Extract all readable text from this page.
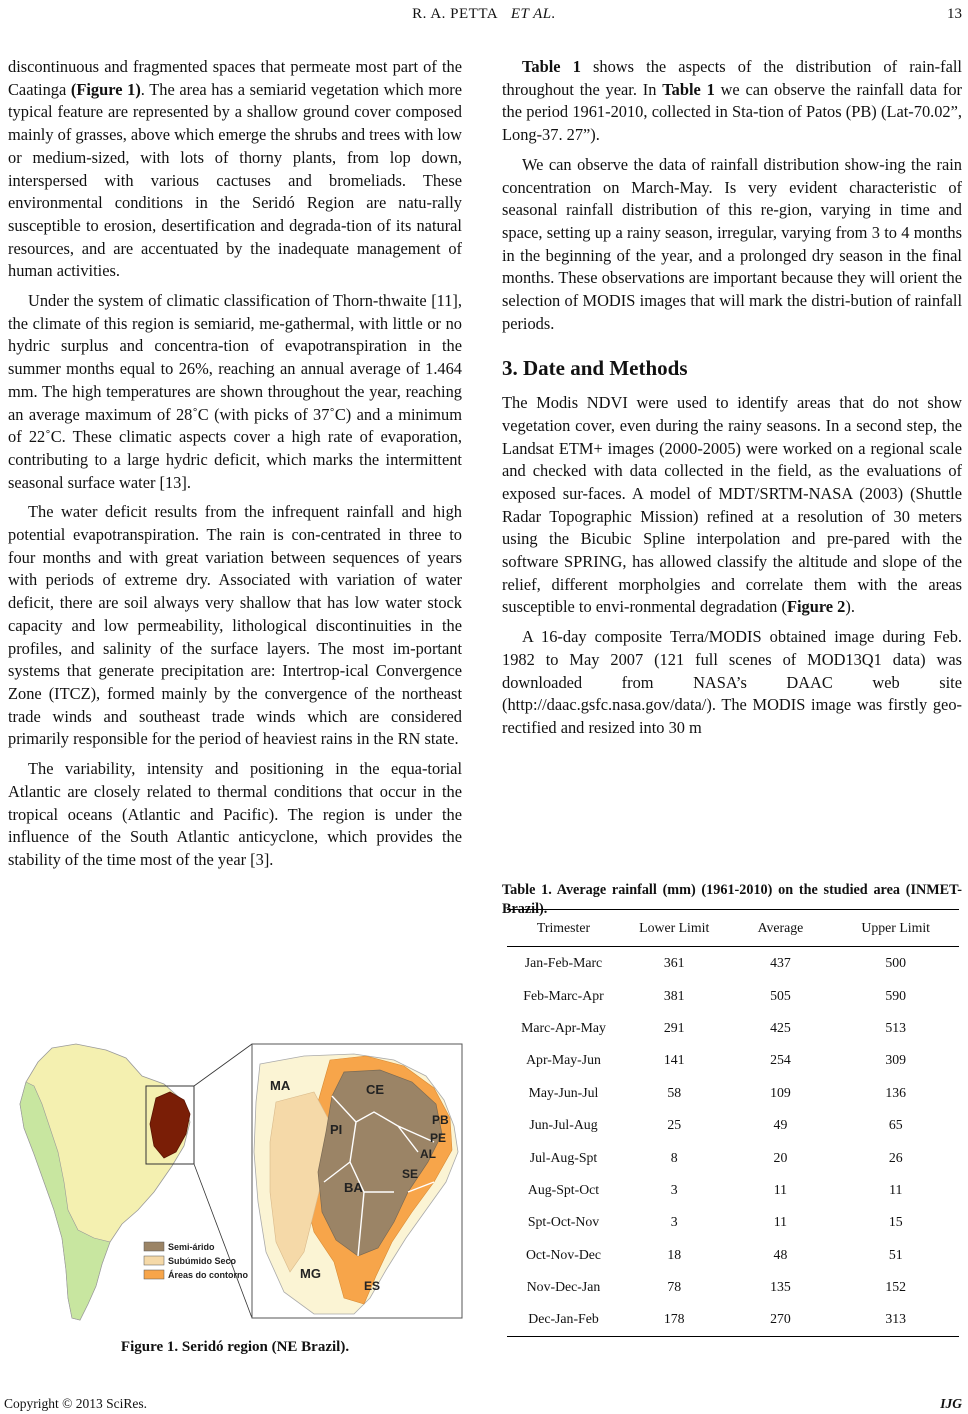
R. A. PETTA ET AL.	13

discontinuous and fragmented spaces that permeate most part of the Caatinga (Figure 1). The area has a semiarid vegetation which more typical feature are represented by a shallow ground cover composed mainly of grasses, above which emerge the shrubs and trees with low or medium-sized, with lots of thorny plants, from lop down, interspersed with various cactuses and bromeliads. These environmental conditions in the Seridó Region are natu-rally susceptible to erosion, desertification and degrada-tion of its natural resources, and are accentuated by the inadequate management of human activities.

Under the system of climatic classification of Thorn-thwaite [11], the climate of this region is semiarid, me-gathermal, with little or no hydric surplus and concentra-tion of evapotranspiration in the summer months equal to 26%, reaching an annual average of 1.464 mm. The high temperatures are shown throughout the year, reaching an average maximum of 28˚C (with picks of 37˚C) and a minimum of 22˚C. These climatic aspects cover a high rate of evaporation, contributing to a large hydric deficit, which marks the intermittent seasonal surface water [13].

The water deficit results from the infrequent rainfall and high potential evapotranspiration. The rain is con-centrated in three to four months and with great variation between sequences of years with periods of extreme dry. Associated with variation of water deficit, there are soil always very shallow that has low water stock capacity and low permeability, lithological discontinuities in the profiles, and salinity of the surface layers. The most im-portant systems that generate precipitation are: Intertrop-ical Convergence Zone (ITCZ), formed mainly by the convergence of the northeast trade winds and southeast trade winds which are considered primarily responsible for the period of heaviest rains in the RN state.

The variability, intensity and positioning in the equa-torial Atlantic are closely related to thermal conditions that occur in the tropical oceans (Atlantic and Pacific). The region is under the influence of the South Atlantic anticyclone, which provides the stability of the time most of the year [3].

Table 1 shows the aspects of the distribution of rain-fall throughout the year. In Table 1 we can observe the rainfall data for the period 1961-2010, collected in Sta-tion of Patos (PB) (Lat-70.02”, Long-37. 27”).

We can observe the data of rainfall distribution show-ing the rain concentration on March-May. Is very evident characteristic of seasonal rainfall distribution of this re-gion, varying in time and space, setting up a rainy season, irregular, varying from 3 to 4 months in the beginning of the year, and a prolonged dry season in the final months. These observations are important because they will orient the selection of MODIS images that will mark the distri-bution of rainfall periods.

3. Date and Methods

The Modis NDVI were used to identify areas that do not show vegetation cover, even during the rainy seasons. In a second step, the Landsat ETM+ images (2000-2005) were worked on a regional scale and checked with data collected in the field, as the evaluations of exposed sur-faces. A model of MDT/SRTM-NASA (2003) (Shuttle Radar Topographic Mission) refined at a resolution of 30 meters using the Bicubic Spline interpolation and pre-pared with the software SPRING, has allowed classify the altitude and slope of the relief, different morpholgies and correlate them with the areas susceptible to envi-ronmental degradation (Figure 2).

A 16-day composite Terra/MODIS obtained image during Feb. 1982 to May 2007 (121 full scenes of MOD13Q1 data) was downloaded from NASA’s DAAC web site (http://daac.gsfc.nasa.gov/data/). The MODIS image was firstly geo-rectified and resized into 30 m

Table 1. Average rainfall (mm) (1961-2010) on the studied area (INMET-Brazil).
Trimester	Lower Limit	Average	Upper Limit
Jan-Feb-Marc	361	437	500
Feb-Marc-Apr	381	505	590
Marc-Apr-May	291	425	513
Apr-May-Jun	141	254	309
May-Jun-Jul	58	109	136
Jun-Jul-Aug	25	49	65
Jul-Aug-Spt	8	20	26
Aug-Spt-Oct	3	11	11
Spt-Oct-Nov	3	11	15
Oct-Nov-Dec	18	48	51
Nov-Dec-Jan	78	135	152
Dec-Jan-Feb	178	270	313
MA	CE
PI
PB
PE
AL
SE
BA
MG
ES
Semi-árido
Subúmido Seco
Áreas do contorno
Figure 1. Seridó region (NE Brazil).
Copyright © 2013 SciRes.	IJG
